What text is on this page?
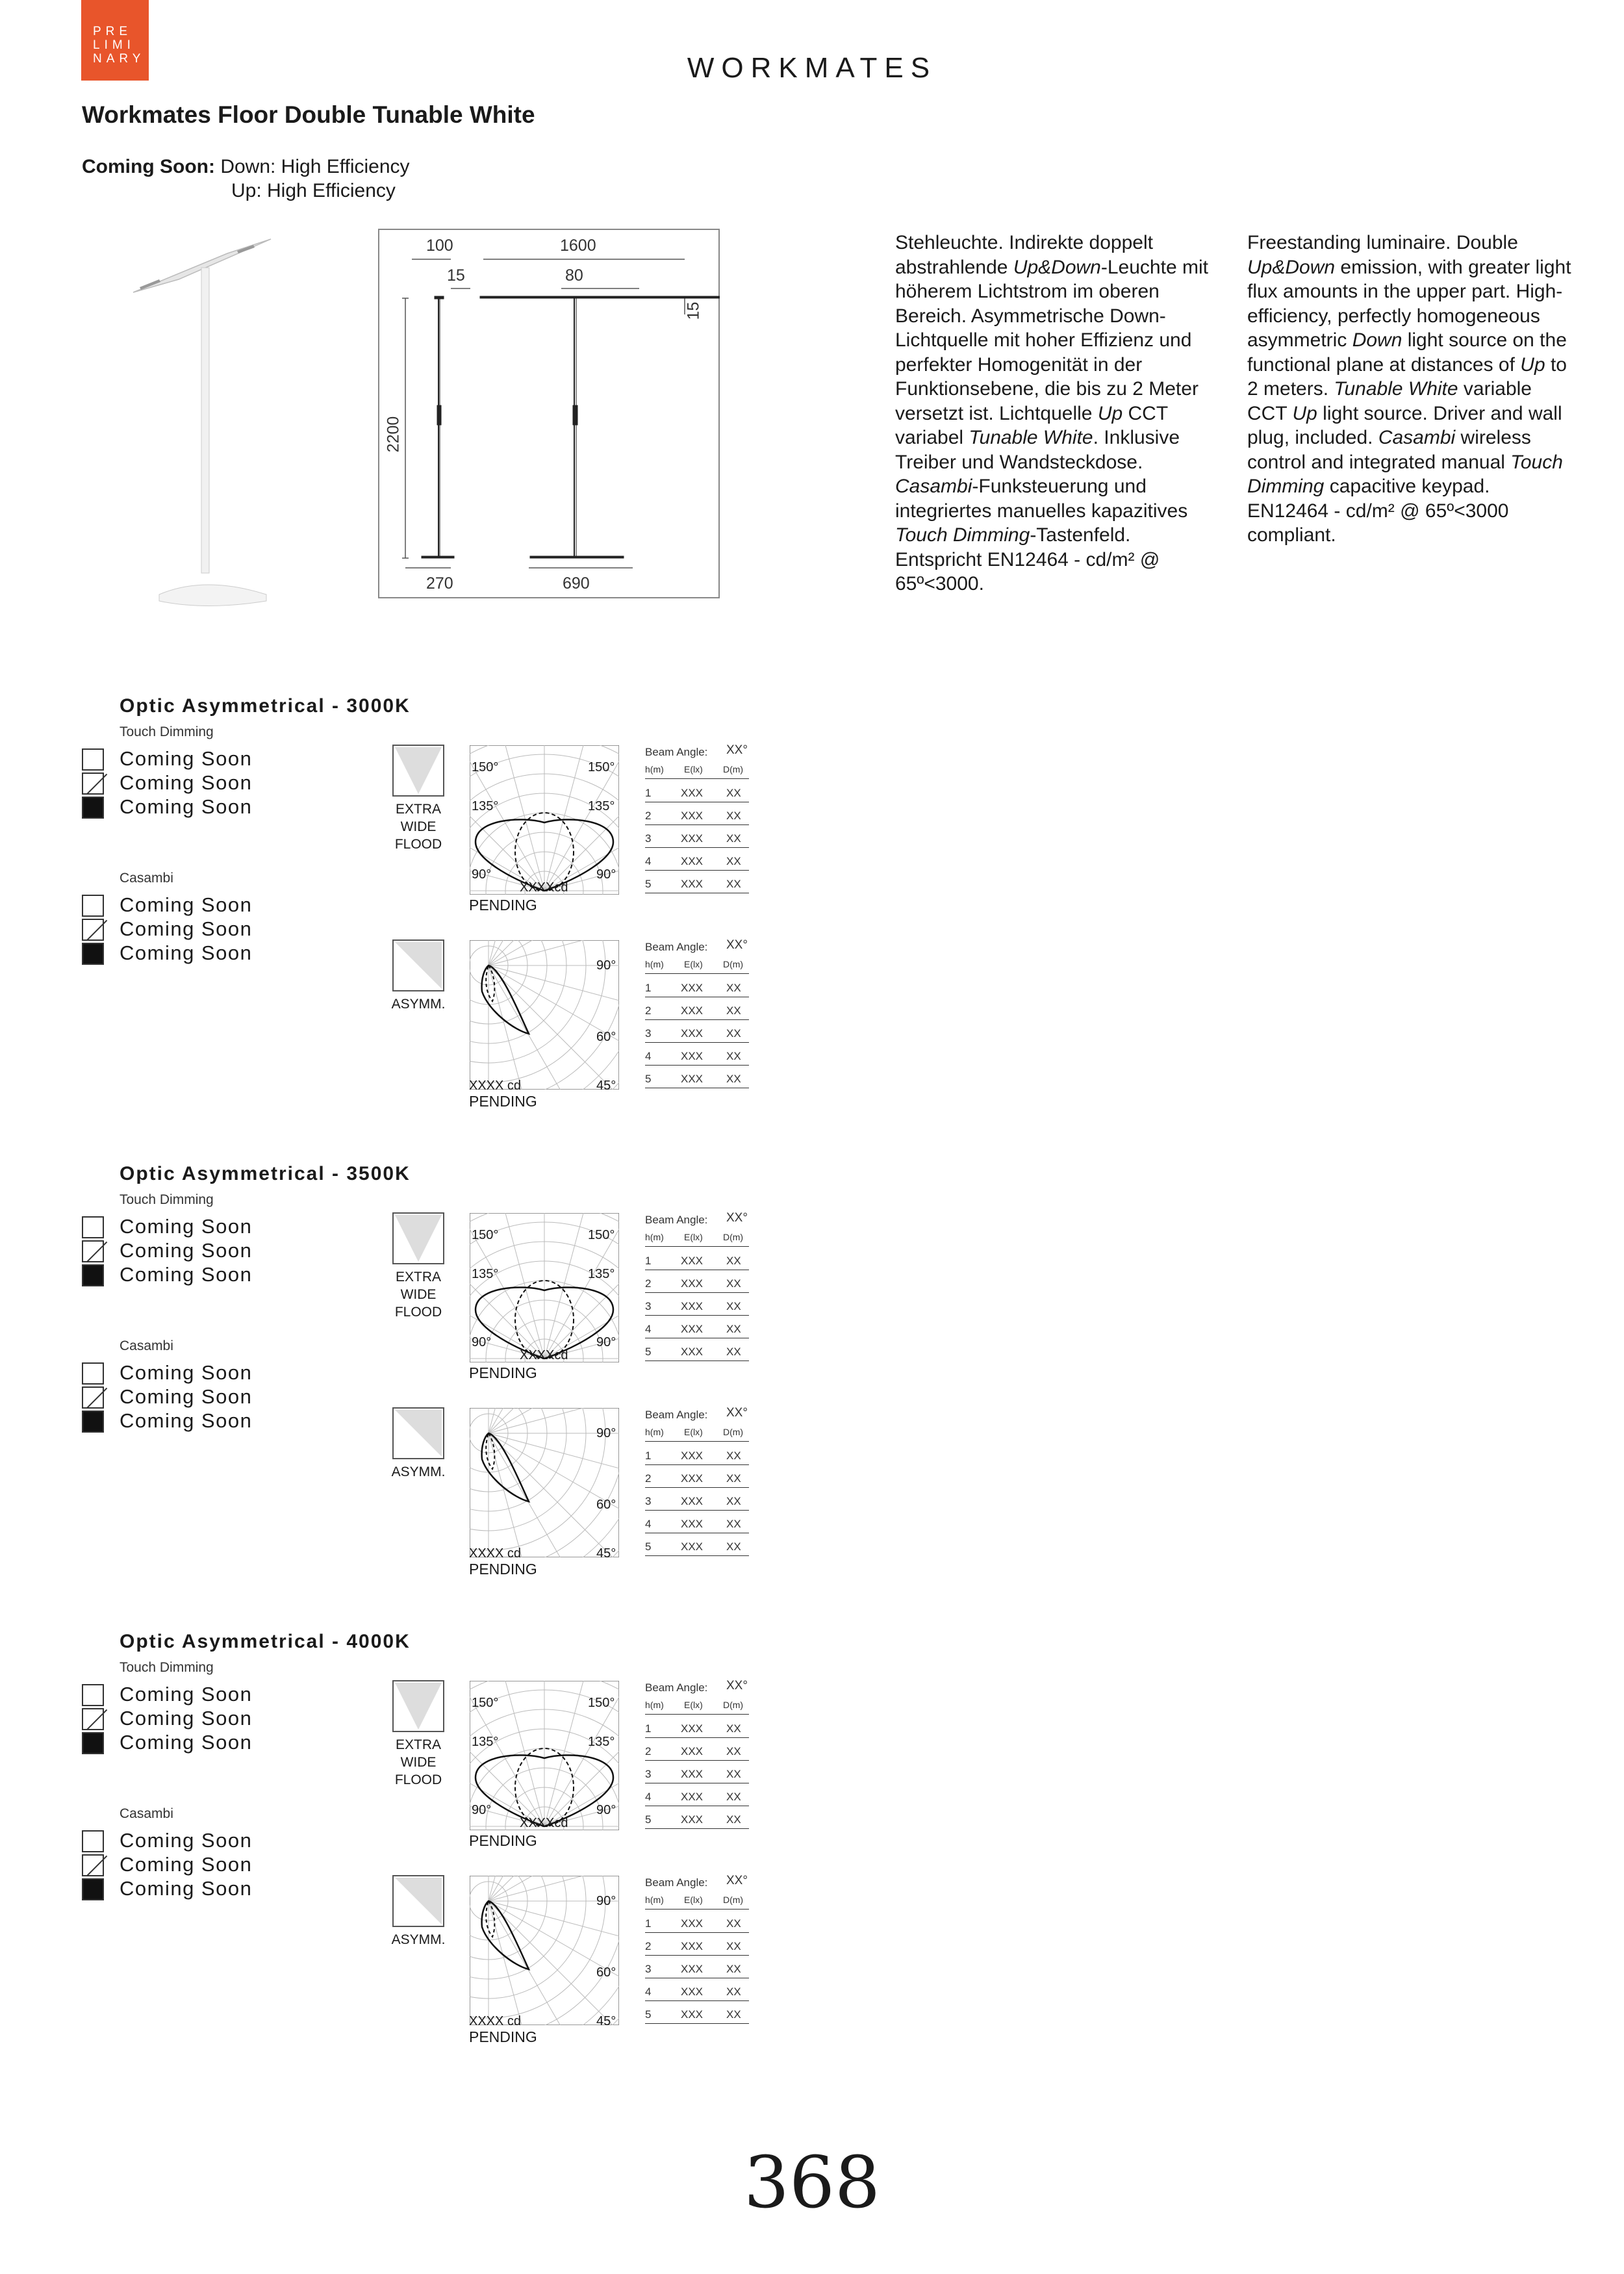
PRE
LIMI
NARY	WORKMATES
Workmates Floor Double Tunable White
Coming Soon: Down: High Efficiency
Up: High Efficiency
100	1600
15	80
15
2200
270	690
Stehleuchte. Indirekte doppelt abstrahlende Up&Down-Leuchte mit höherem Lichtstrom im oberen Bereich. Asymmetrische Down-Lichtquelle mit hoher Effizienz und perfekter Homogenität in der Funktionsebene, die bis zu 2 Meter versetzt ist. Lichtquelle Up CCT variabel Tunable White. Inklusive Treiber und Wandsteckdose. Casambi-Funksteuerung und integriertes manuelles kapazitives Touch Dimming-Tastenfeld. Entspricht EN12464 - cd/m² @ 65º<3000.
Freestanding luminaire. Double Up&Down emission, with greater light flux amounts in the upper part. High-efficiency, perfectly homogeneous asymmetric Down light source on the functional plane at distances of Up to 2 meters. Tunable White variable CCT Up light source. Driver and wall plug, included. Casambi wireless control and integrated manual Touch Dimming capacitive keypad. EN12464 - cd/m² @ 65º<3000 compliant.
Optic Asymmetrical - 3000K
Touch Dimming
Coming Soon
Coming Soon
Coming Soon
Casambi
Coming Soon
Coming Soon
Coming Soon
EXTRA
WIDE
FLOOD
150°	150°
135°	135°
90°	90°
XXXXcd
PENDING
Beam Angle: XX°
h(m) E(lx) D(m)
1	XXX XX
2	XXX XX
3	XXX XX
4	XXX XX
5	XXX XX
ASYMM.
90°
60°
45°
XXXX cd
PENDING
Beam Angle: XX°
h(m) E(lx) D(m)
1	XXX XX
2	XXX XX
3	XXX XX
4	XXX XX
5	XXX XX
Optic Asymmetrical - 3500K
Touch Dimming
Coming Soon
Coming Soon
Coming Soon
Casambi
Coming Soon
Coming Soon
Coming Soon
EXTRA
WIDE
FLOOD
150°	150°
135°	135°
90°	90°
XXXXcd
PENDING
Beam Angle: XX°
h(m) E(lx) D(m)
1	XXX XX
2	XXX XX
3	XXX XX
4	XXX XX
5	XXX XX
ASYMM.
90°
60°
45°
XXXX cd
PENDING
Beam Angle: XX°
h(m) E(lx) D(m)
1	XXX XX
2	XXX XX
3	XXX XX
4	XXX XX
5	XXX XX
Optic Asymmetrical - 4000K
Touch Dimming
Coming Soon
Coming Soon
Coming Soon
Casambi
Coming Soon
Coming Soon
Coming Soon
EXTRA
WIDE
FLOOD
150°	150°
135°	135°
90°	90°
XXXXcd
PENDING
Beam Angle: XX°
h(m) E(lx) D(m)
1	XXX XX
2	XXX XX
3	XXX XX
4	XXX XX
5	XXX XX
ASYMM.
90°
60°
45°
XXXX cd
PENDING
Beam Angle: XX°
h(m) E(lx) D(m)
1	XXX XX
2	XXX XX
3	XXX XX
4	XXX XX
5	XXX XX
368
